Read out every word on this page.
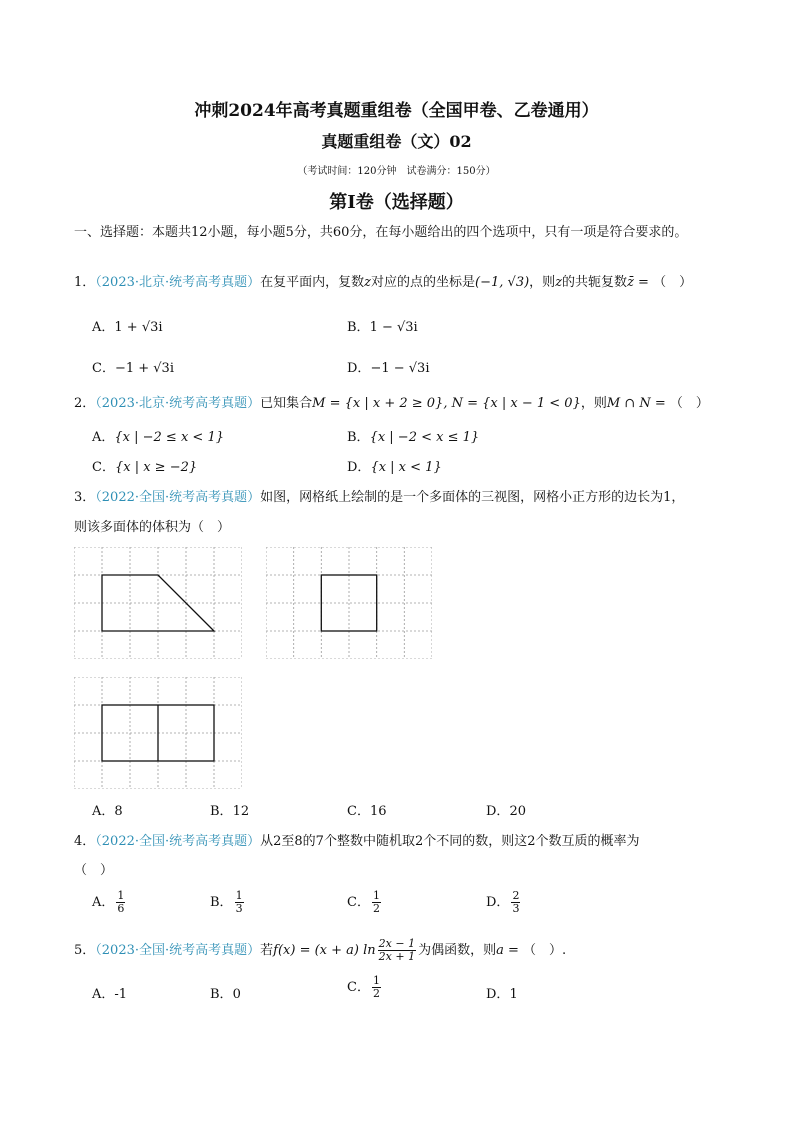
冲刺2024年高考真题重组卷（全国甲卷、乙卷通用）
真题重组卷（文）02
（考试时间：120分钟　试卷满分：150分）
第Ⅰ卷（选择题）
一、选择题：本题共12小题，每小题5分，共60分，在每小题给出的四个选项中，只有一项是符合要求的。
1．（2023·北京·统考高考真题）在复平面内，复数z对应的点的坐标是(−1, √3)，则z的共轭复数z̄ = （　）
A．1 + √3i	B．1 − √3i
C．−1 + √3i	D．−1 − √3i
2．（2023·北京·统考高考真题）已知集合M = {x | x + 2 ≥ 0}, N = {x | x − 1 < 0}，则M ∩ N = （　）
A．{x | −2 ≤ x < 1}	B．{x | −2 < x ≤ 1}
C．{x | x ≥ −2}	D．{x | x < 1}
3．（2022·全国·统考高考真题）如图，网格纸上绘制的是一个多面体的三视图，网格小正方形的边长为1，
则该多面体的体积为（　）
A．8	B．12	C．16	D．20
4．（2022·全国·统考高考真题）从2至8的7个整数中随机取2个不同的数，则这2个数互质的概率为
（　）
A． $\frac{1}{6}$	B． $\frac{1}{3}$	C． $\frac{1}{2}$	D． $\frac{2}{3}$
5．（2023·全国·统考高考真题）若f(x) = (x + a) $\ln \frac{2x - 1}{2x + 1}$ 为偶函数，则a = （　）.
A．-1	B．0	C． $\frac{1}{2}$	D．1
